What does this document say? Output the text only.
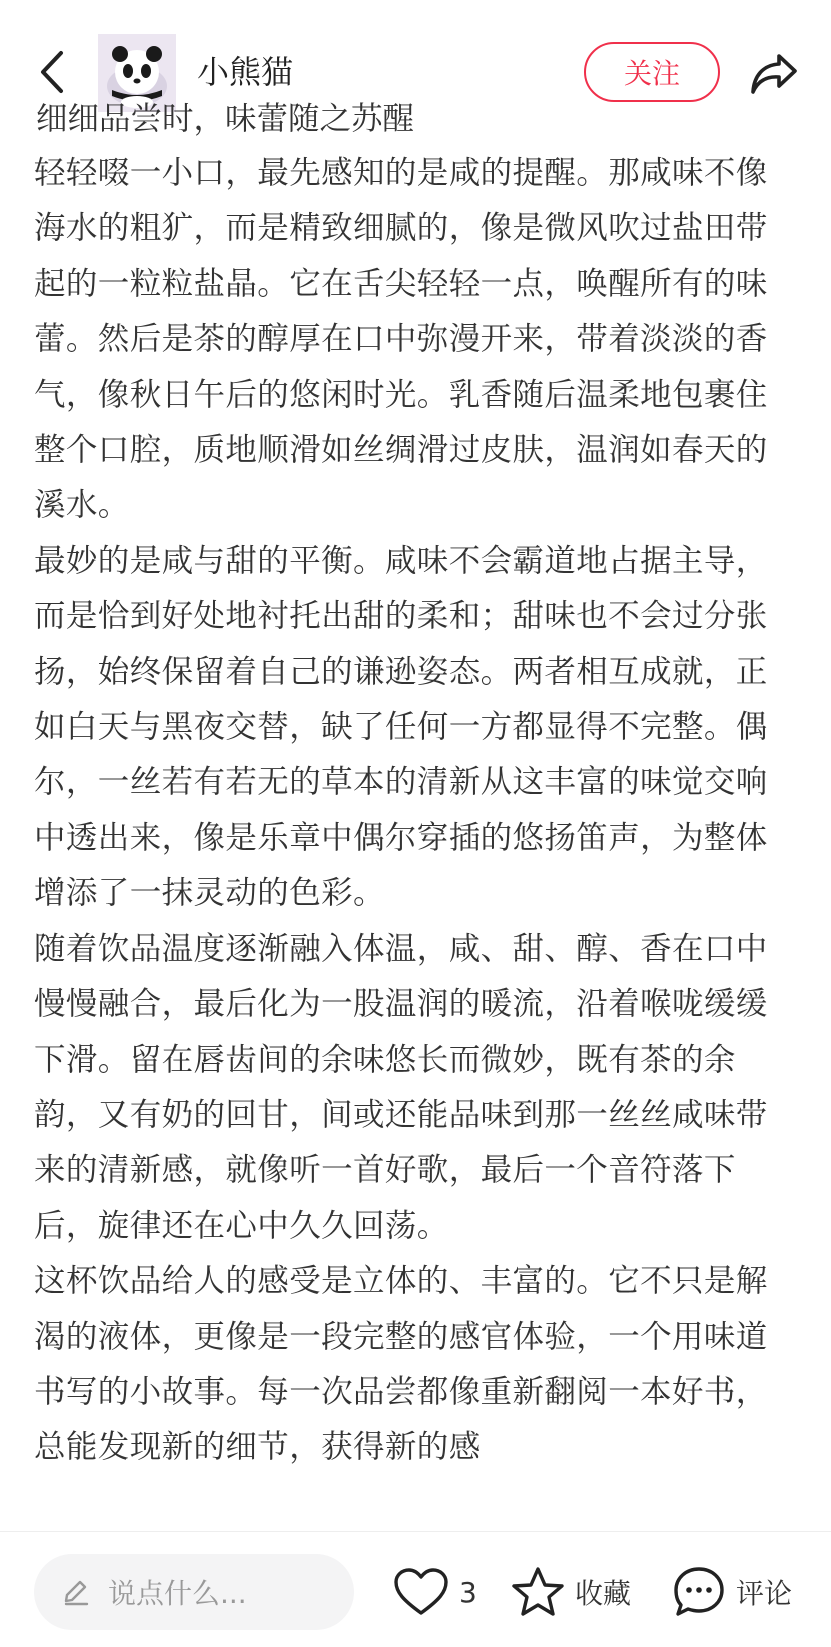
小熊猫	关注
细细品尝时，味蕾随之苏醒

轻轻啜一小口，最先感知的是咸的提醒。那咸味不像海水的粗犷，而是精致细腻的，像是微风吹过盐田带起的一粒粒盐晶。它在舌尖轻轻一点，唤醒所有的味蕾。然后是茶的醇厚在口中弥漫开来，带着淡淡的香气，像秋日午后的悠闲时光。乳香随后温柔地包裹住整个口腔，质地顺滑如丝绸滑过皮肤，温润如春天的溪水。

最妙的是咸与甜的平衡。咸味不会霸道地占据主导，而是恰到好处地衬托出甜的柔和；甜味也不会过分张扬，始终保留着自己的谦逊姿态。两者相互成就，正如白天与黑夜交替，缺了任何一方都显得不完整。偶尔，一丝若有若无的草本的清新从这丰富的味觉交响中透出来，像是乐章中偶尔穿插的悠扬笛声，为整体增添了一抹灵动的色彩。

随着饮品温度逐渐融入体温，咸、甜、醇、香在口中慢慢融合，最后化为一股温润的暖流，沿着喉咙缓缓下滑。留在唇齿间的余味悠长而微妙，既有茶的余韵，又有奶的回甘，间或还能品味到那一丝丝咸味带来的清新感，就像听一首好歌，最后一个音符落下后，旋律还在心中久久回荡。

这杯饮品给人的感受是立体的、丰富的。它不只是解渴的液体，更像是一段完整的感官体验，一个用味道书写的小故事。每一次品尝都像重新翻阅一本好书，总能发现新的细节，获得新的感

说点什么...	3	收藏	评论
